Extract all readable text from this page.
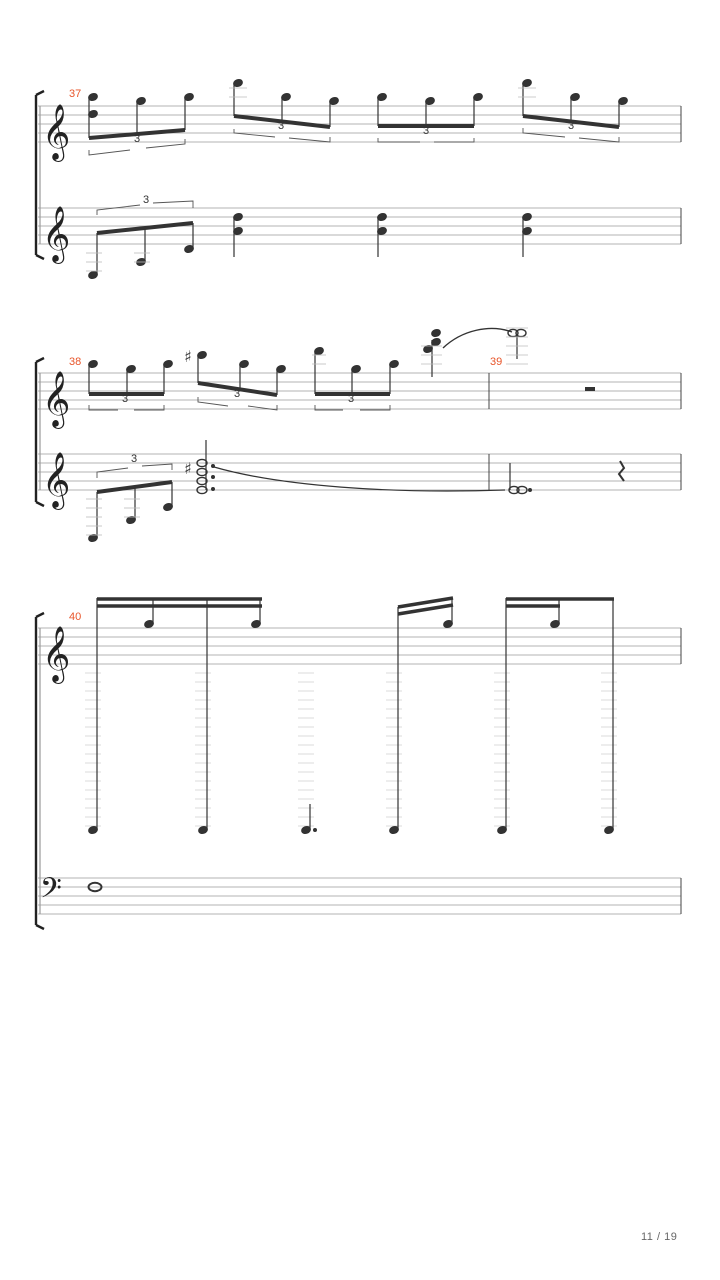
𝄞
𝄞
37
3
3	3	3
3
𝄞
𝄞
38	39
♯
3	3	3
♯
3
𝄞
𝄢
40
11 / 19
